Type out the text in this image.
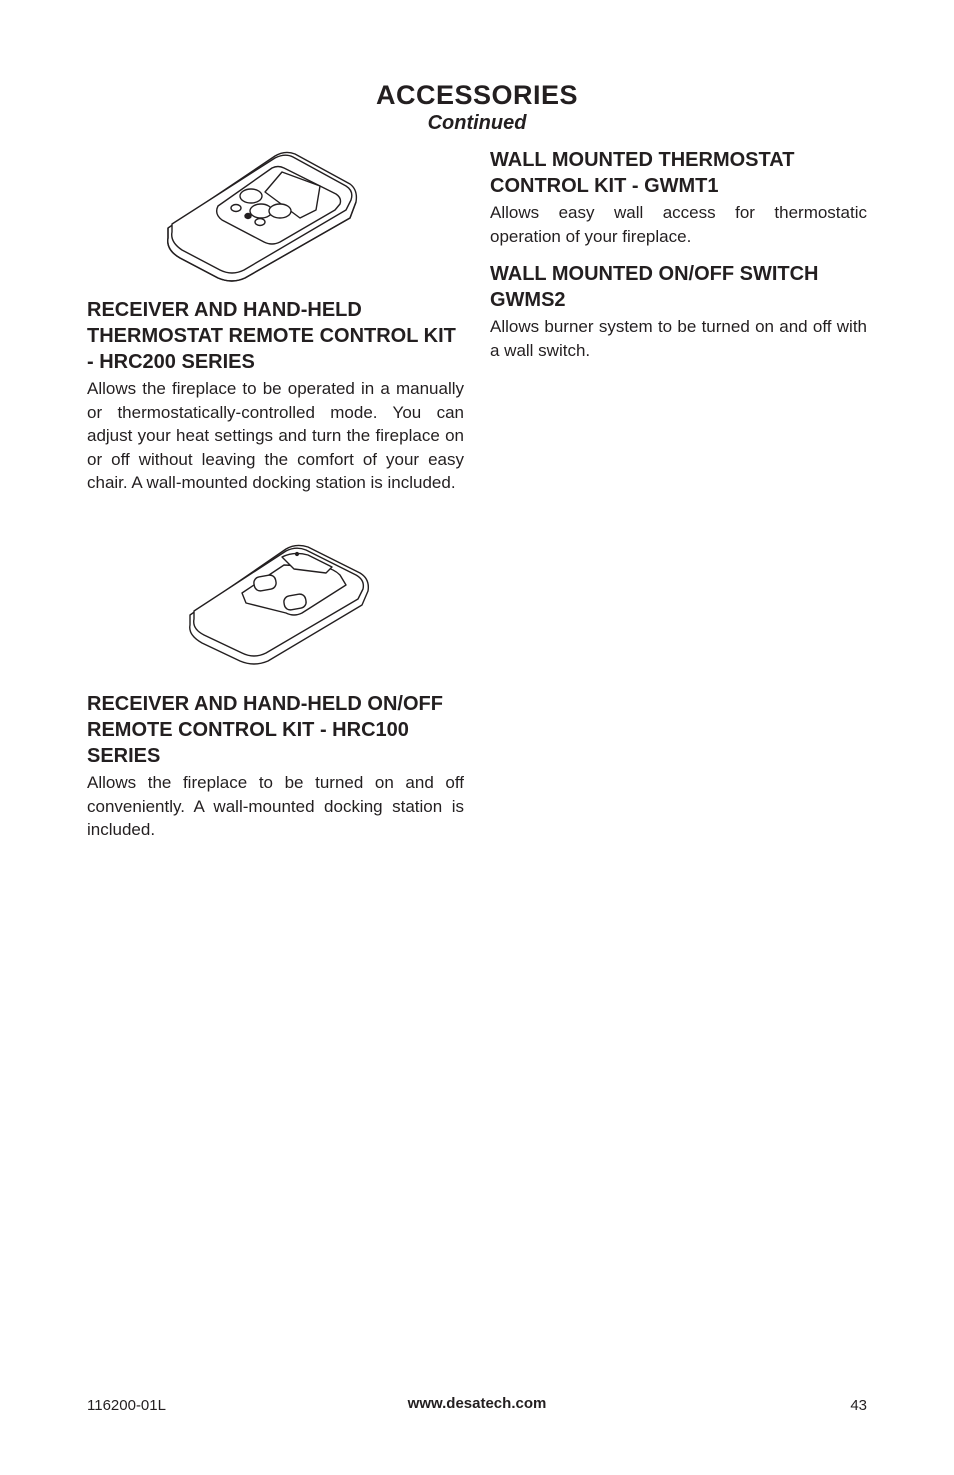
ACCESSORIES
Continued
RECEIVER AND HAND-HELD THERMOSTAT REMOTE CONTROL KIT - HRC200 SERIES

Allows the fireplace to be operated in a manually or thermostatically-controlled mode. You can adjust your heat settings and turn the fireplace on or off without leaving the comfort of your easy chair. A wall-mounted docking station is included.

RECEIVER AND HAND-HELD ON/OFF REMOTE CONTROL KIT - HRC100 SERIES

Allows the fireplace to be turned on and off conveniently. A wall-mounted docking station is included.

WALL MOUNTED THERMOSTAT CONTROL KIT - GWMT1

Allows easy wall access for thermostatic operation of your fireplace.

WALL MOUNTED ON/OFF SWITCH GWMS2

Allows burner system to be turned on and off with a wall switch.

116200-01L	www.desatech.com	43
